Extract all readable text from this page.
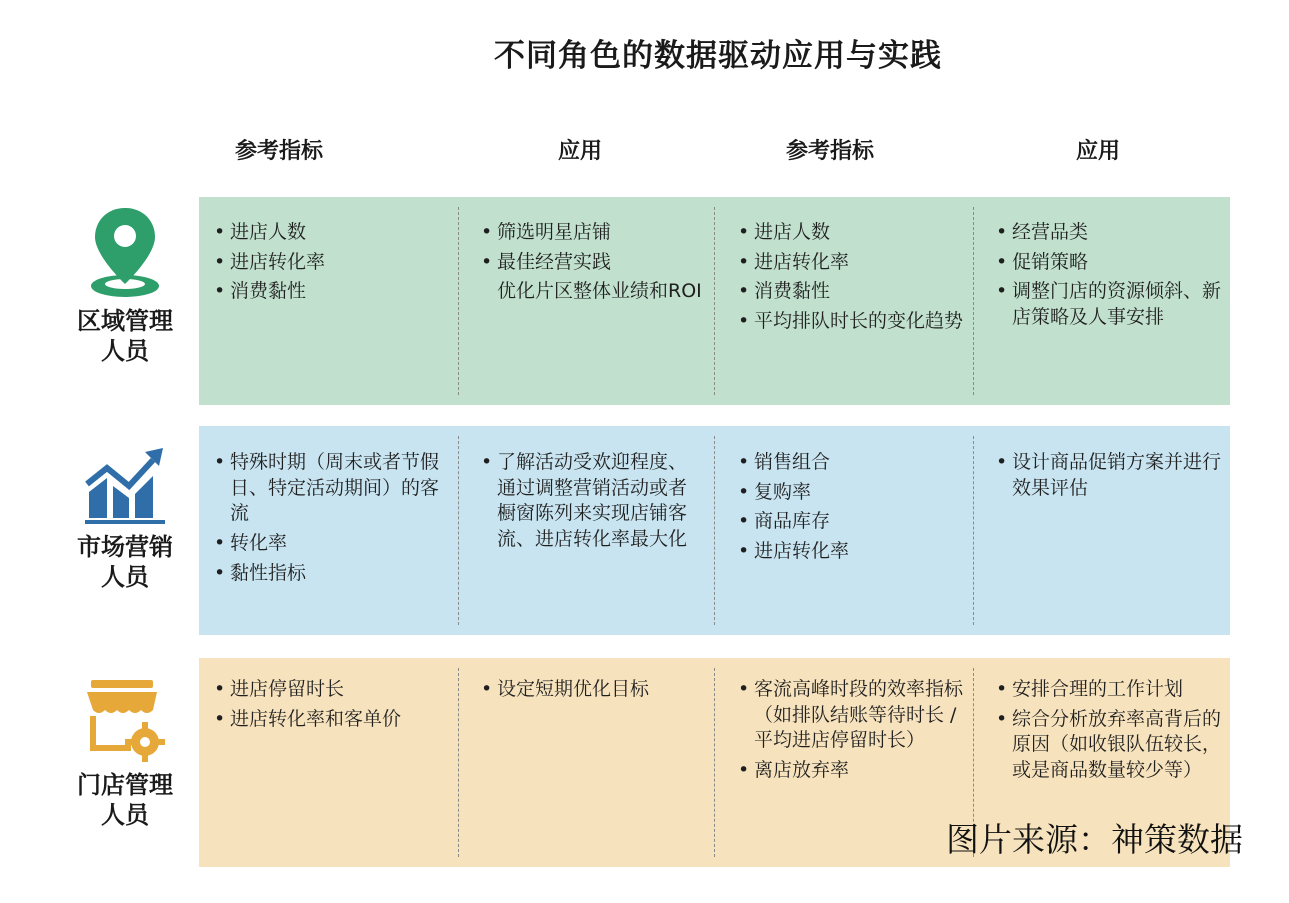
不同角色的数据驱动应用与实践
参考指标	应用	参考指标	应用
区域管理
人员
市场营销
人员
门店管理
人员
• 进店人数
• 进店转化率
• 消费黏性
• 筛选明星店铺
• 最佳经营实践
优化片区整体业绩和ROI
• 进店人数
• 进店转化率
• 消费黏性
• 平均排队时长的变化趋势
• 经营品类
• 促销策略
• 调整门店的资源倾斜、新店策略及人事安排
• 特殊时期（周末或者节假日、特定活动期间）的客流
• 转化率
• 黏性指标
• 了解活动受欢迎程度、通过调整营销活动或者橱窗陈列来实现店铺客流、进店转化率最大化
• 销售组合
• 复购率
• 商品库存
• 进店转化率
• 设计商品促销方案并进行效果评估
• 进店停留时长
• 进店转化率和客单价
• 设定短期优化目标
•	客流高峰时段的效率指标（如排队结账等待时长 / 平均进店停留时长）
• 离店放弃率
• 安排合理的工作计划
• 综合分析放弃率高背后的原因（如收银队伍较长，或是商品数量较少等）
图片来源：神策数据
